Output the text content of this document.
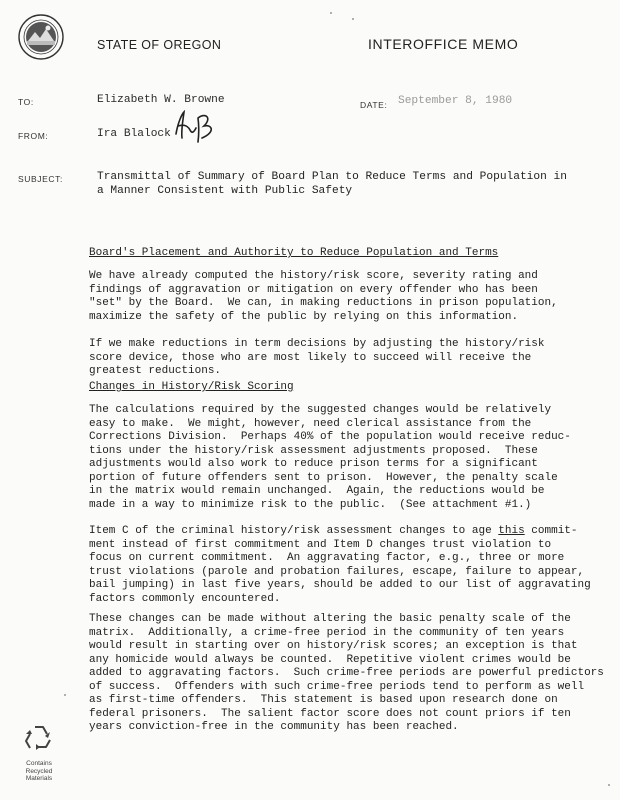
STATE OF OREGON	INTEROFFICE MEMO
TO:	Elizabeth W. Browne	DATE: September 8, 1980
FROM:	Ira Blalock
SUBJECT:	Transmittal of Summary of Board Plan to Reduce Terms and Population in
a Manner Consistent with Public Safety
Board's Placement and Authority to Reduce Population and Terms

We have already computed the history/risk score, severity rating and

findings of aggravation or mitigation on every offender who has been

"set" by the Board.  We can, in making reductions in prison population,

maximize the safety of the public by relying on this information.

If we make reductions in term decisions by adjusting the history/risk

score device, those who are most likely to succeed will receive the

greatest reductions.

Changes in History/Risk Scoring

The calculations required by the suggested changes would be relatively

easy to make.  We might, however, need clerical assistance from the

Corrections Division.  Perhaps 40% of the population would receive reduc-

tions under the history/risk assessment adjustments proposed.  These

adjustments would also work to reduce prison terms for a significant

portion of future offenders sent to prison.  However, the penalty scale

in the matrix would remain unchanged.  Again, the reductions would be

made in a way to minimize risk to the public.  (See attachment #1.)

Item C of the criminal history/risk assessment changes to age this commit-

ment instead of first commitment and Item D changes trust violation to

focus on current commitment.  An aggravating factor, e.g., three or more

trust violations (parole and probation failures, escape, failure to appear,

bail jumping) in last five years, should be added to our list of aggravating

factors commonly encountered.

These changes can be made without altering the basic penalty scale of the

matrix.  Additionally, a crime-free period in the community of ten years

would result in starting over on history/risk scores; an exception is that

any homicide would always be counted.  Repetitive violent crimes would be

added to aggravating factors.  Such crime-free periods are powerful predictors

of success.  Offenders with such crime-free periods tend to perform as well

as first-time offenders.  This statement is based upon research done on

federal prisoners.  The salient factor score does not count priors if ten

years conviction-free in the community has been reached.

Contains
Recycled
Materials
